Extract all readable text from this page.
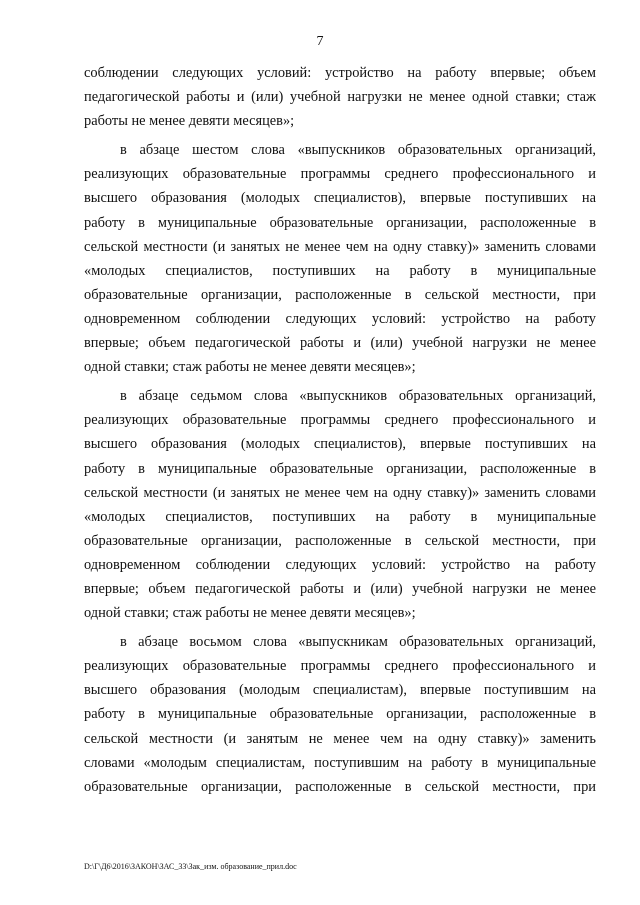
7
соблюдении следующих условий: устройство на работу впервые; объем
педагогической работы и (или) учебной нагрузки не менее одной ставки; стаж
работы не менее девяти месяцев»;
в абзаце шестом слова «выпускников образовательных организаций,
реализующих образовательные программы среднего профессионального и
высшего образования (молодых специалистов), впервые поступивших на
работу в муниципальные образовательные организации, расположенные в
сельской местности (и занятых не менее чем на одну ставку)» заменить словами
«молодых специалистов, поступивших на работу в муниципальные
образовательные организации, расположенные в сельской местности, при
одновременном соблюдении следующих условий: устройство на работу
впервые; объем педагогической работы и (или) учебной нагрузки не менее
одной ставки; стаж работы не менее девяти месяцев»;
в абзаце седьмом слова «выпускников образовательных организаций,
реализующих образовательные программы среднего профессионального и
высшего образования (молодых специалистов), впервые поступивших на
работу в муниципальные образовательные организации, расположенные в
сельской местности (и занятых не менее чем на одну ставку)» заменить словами
«молодых специалистов, поступивших на работу в муниципальные
образовательные организации, расположенные в сельской местности, при
одновременном соблюдении следующих условий: устройство на работу
впервые; объем педагогической работы и (или) учебной нагрузки не менее
одной ставки; стаж работы не менее девяти месяцев»;
в абзаце восьмом слова «выпускникам образовательных организаций,
реализующих образовательные программы среднего профессионального и
высшего образования (молодым специалистам), впервые поступившим на
работу в муниципальные образовательные организации, расположенные в
сельской местности (и занятым не менее чем на одну ставку)» заменить
словами «молодым специалистам, поступившим на работу в муниципальные
образовательные организации, расположенные в сельской местности, при
D:\Г\Д6\2016\ЗАКОН\ЗАС_33\Зак_изм. образование_прил.doc
